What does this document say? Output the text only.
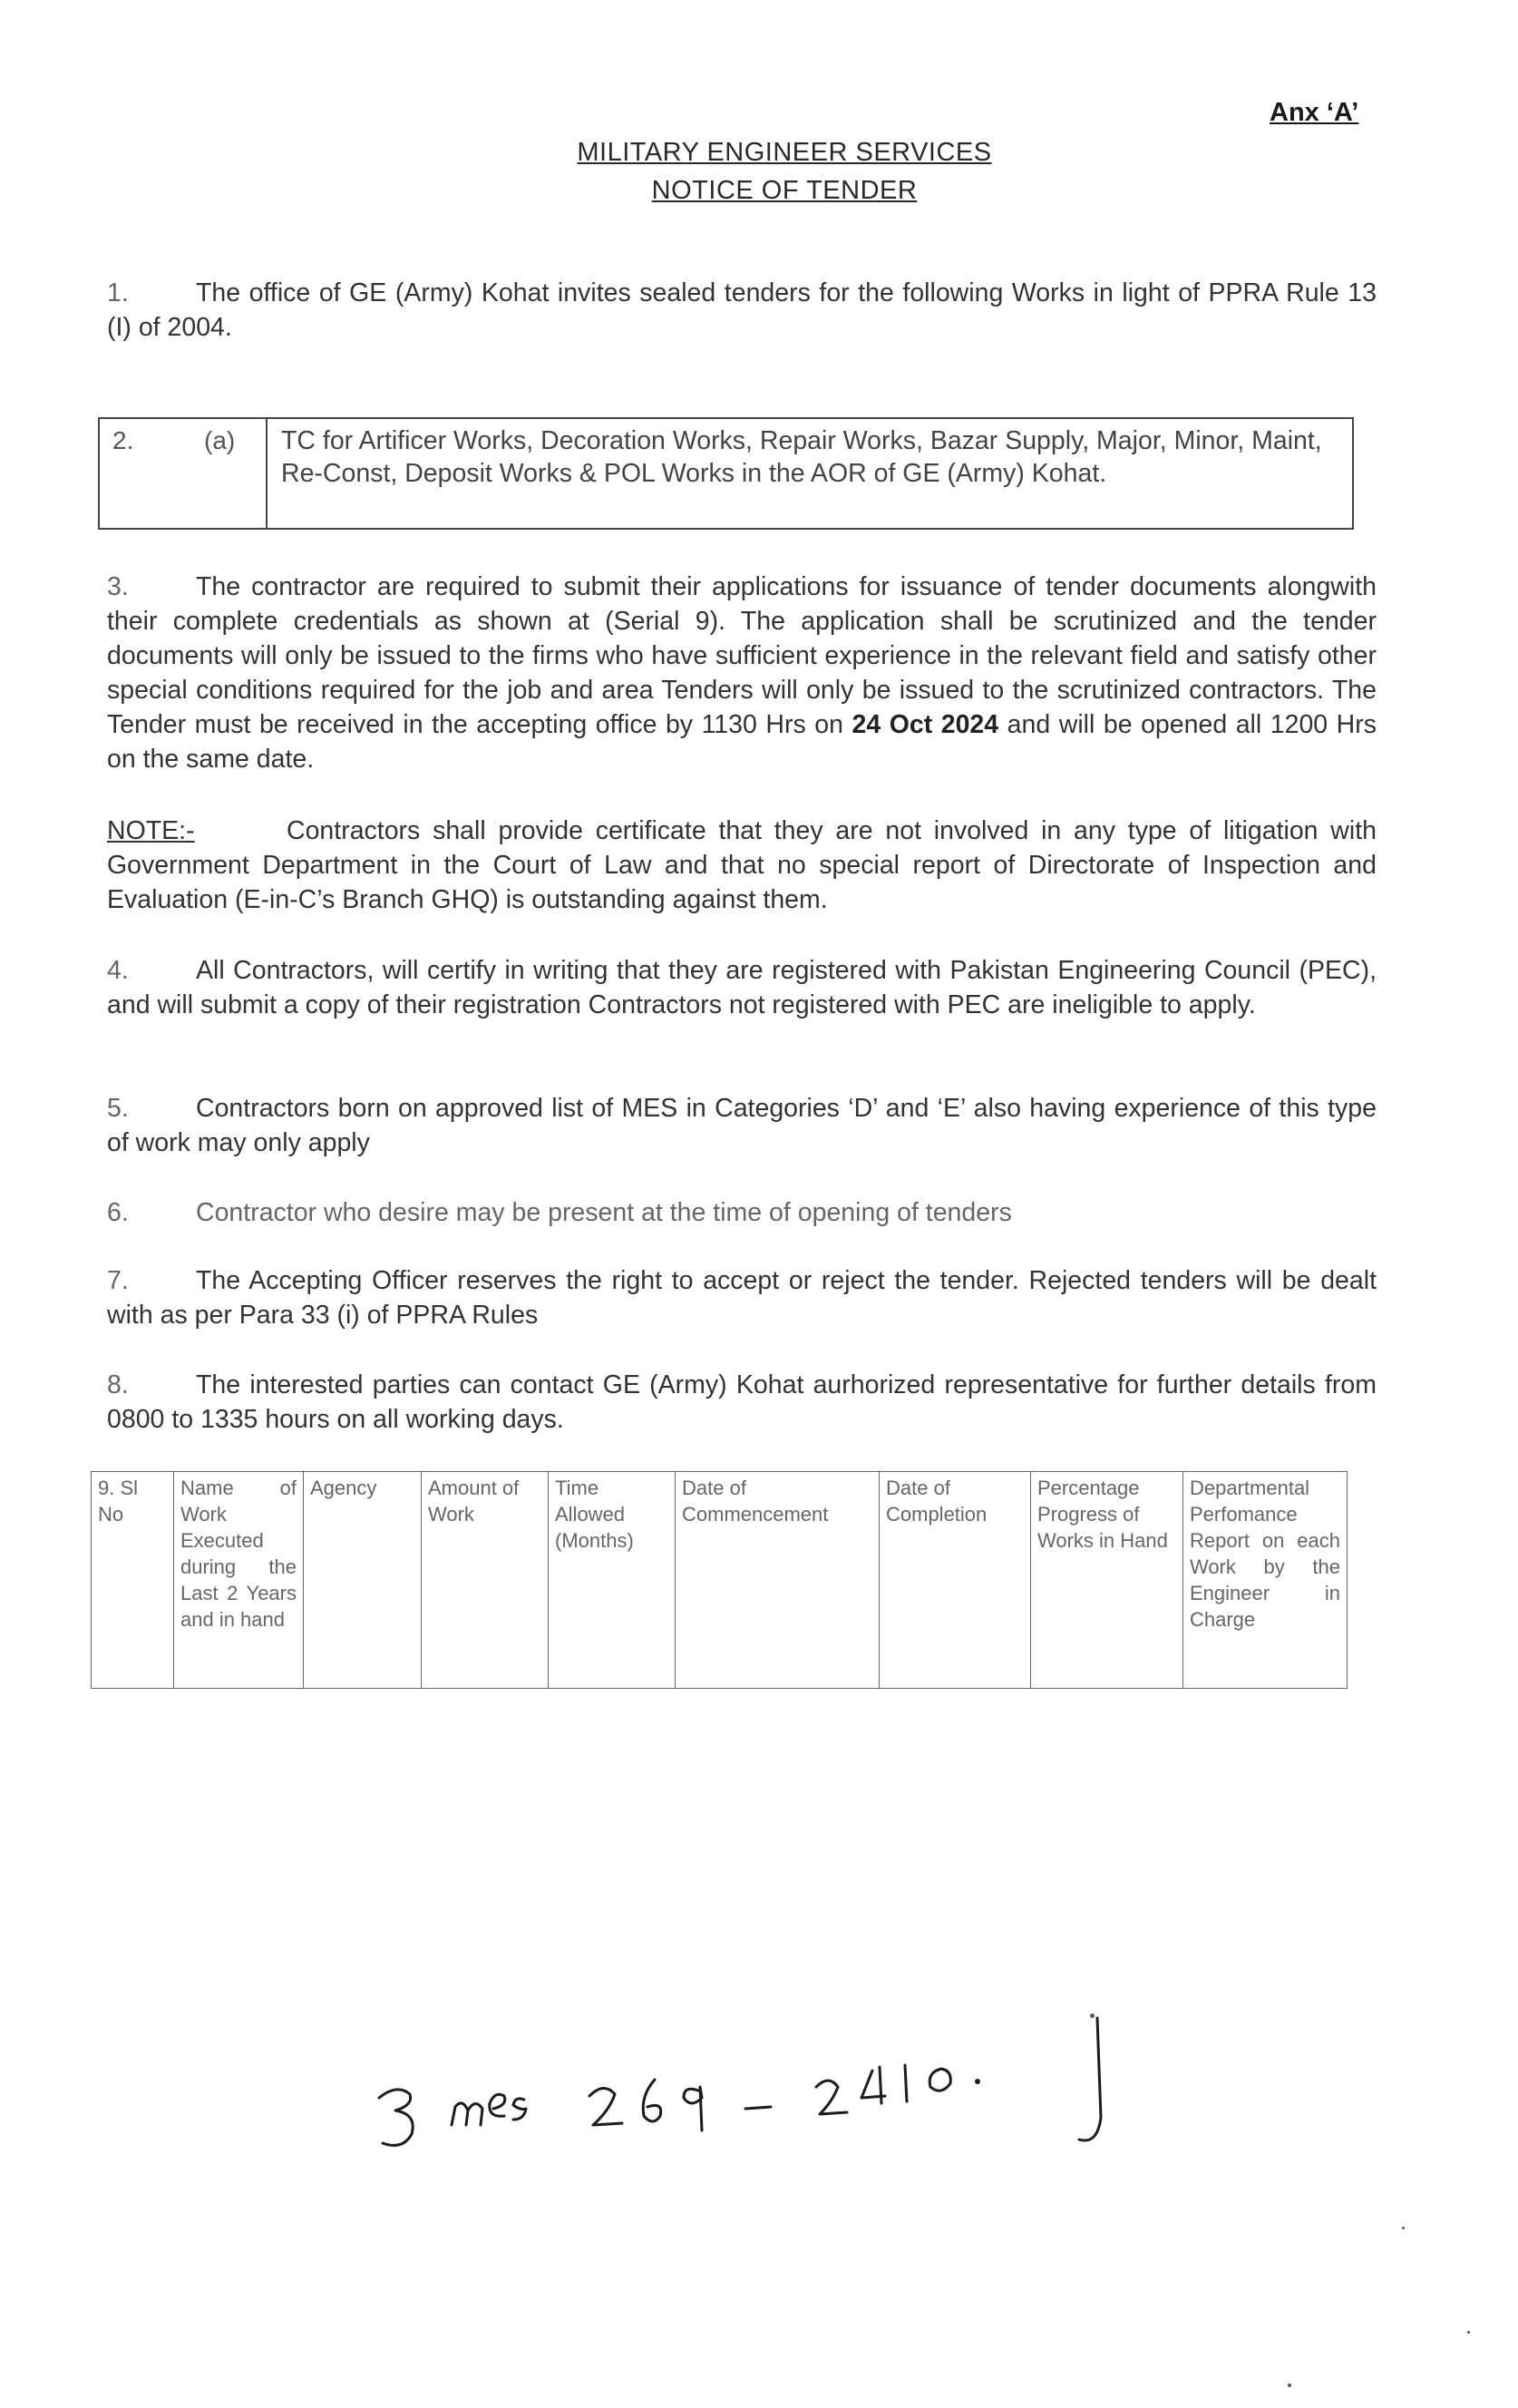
Anx ‘A’
MILITARY ENGINEER SERVICES
NOTICE OF TENDER
1.	The office of GE (Army) Kohat invites sealed tenders for the following Works in light of PPRA Rule 13 (I) of 2004.
2.	(a) TC for Artificer Works, Decoration Works, Repair Works, Bazar Supply, Major, Minor, Maint, Re-Const, Deposit Works & POL Works in the AOR of GE (Army) Kohat.
3.	The contractor are required to submit their applications for issuance of tender documents alongwith their complete credentials as shown at (Serial 9). The application shall be scrutinized and the tender documents will only be issued to the firms who have sufficient experience in the relevant field and satisfy other special conditions required for the job and area Tenders will only be issued to the scrutinized contractors. The Tender must be received in the accepting office by 1130 Hrs on 24 Oct 2024 and will be opened all 1200 Hrs on the same date.
NOTE:-	Contractors shall provide certificate that they are not involved in any type of litigation with Government Department in the Court of Law and that no special report of Directorate of Inspection and Evaluation (E-in-C’s Branch GHQ) is outstanding against them.
4.	All Contractors, will certify in writing that they are registered with Pakistan Engineering Council (PEC), and will submit a copy of their registration Contractors not registered with PEC are ineligible to apply.
5.	Contractors born on approved list of MES in Categories ‘D’ and ‘E’ also having experience of this type of work may only apply
6.	Contractor who desire may be present at the time of opening of tenders
7.	The Accepting Officer reserves the right to accept or reject the tender. Rejected tenders will be dealt with as per Para 33 (i) of PPRA Rules
8.	The interested parties can contact GE (Army) Kohat aurhorized representative for further details from 0800 to 1335 hours on all working days.
9. Sl No	Name of Work Executed during the Last 2 Years and in hand	Agency	Amount of Work	Time Allowed (Months)	Date of Commencement	Date of Completion	Percentage Progress of Works in Hand	Departmental Perfomance Report on each Work by the Engineer in Charge
